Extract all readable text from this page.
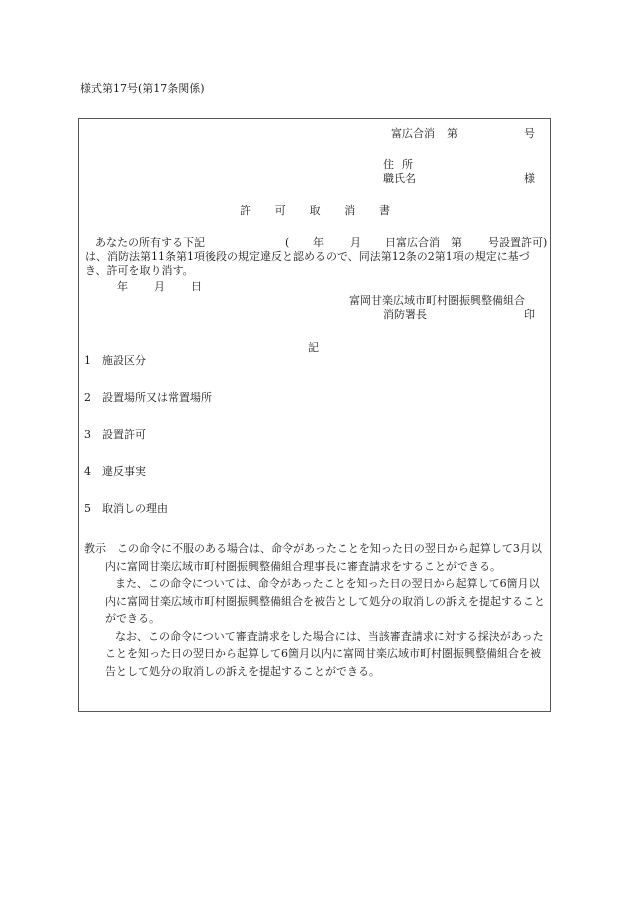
様式第17号(第17条関係)
富広合消 第	号
住所
職氏名	様
許 可 取 消 書
あなたの所有する下記	(	年	月	日富広合消　第	号設置許可)
は、消防法第11条第1項後段の規定違反と認めるので、同法第12条の2第1項の規定に基づ
き、許可を取り消す。
年 月 日
富岡甘楽広域市町村圏振興整備組合
消防署長	印
記
1 施設区分
2 設置場所又は常置場所
3 設置許可
4 違反事実
5 取消しの理由

教示　この命令に不服のある場合は、命令があったことを知った日の翌日から起算して3月以内に富岡甘楽広域市町村圏振興整備組合理事長に審査請求をすることができる。

また、この命令については、命令があったことを知った日の翌日から起算して6箇月以内に富岡甘楽広域市町村圏振興整備組合を被告として処分の取消しの訴えを提起することができる。

なお、この命令について審査請求をした場合には、当該審査請求に対する採決があったことを知った日の翌日から起算して6箇月以内に富岡甘楽広域市町村圏振興整備組合を被告として処分の取消しの訴えを提起することができる。
